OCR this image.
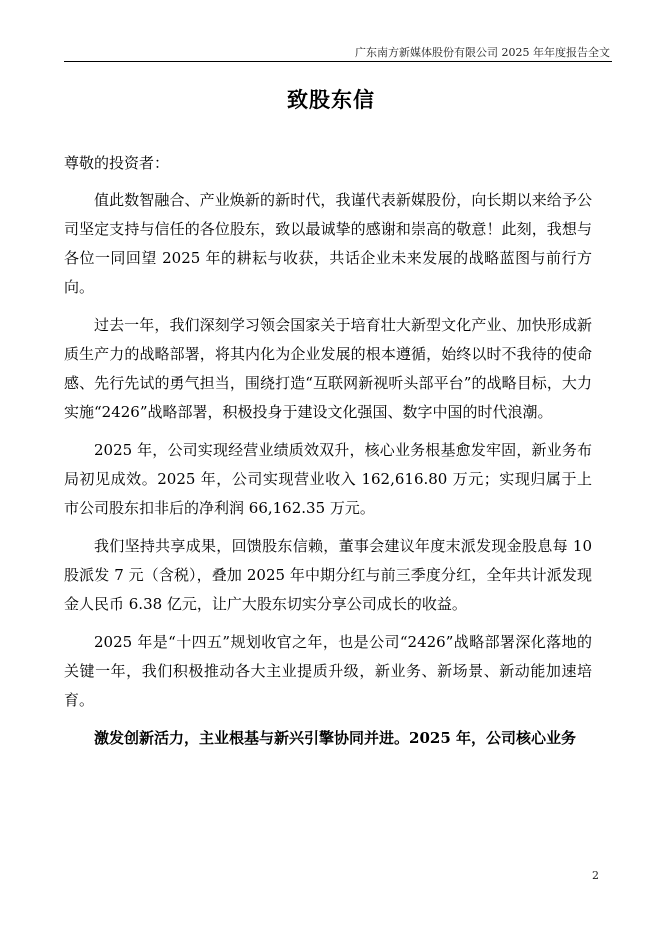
广东南方新媒体股份有限公司 2025 年年度报告全文
致股东信

尊敬的投资者：

值此数智融合、产业焕新的新时代，我谨代表新媒股份，向长期以来给予公司坚定支持与信任的各位股东，致以最诚挚的感谢和崇高的敬意！此刻，我想与各位一同回望 2025 年的耕耘与收获，共话企业未来发展的战略蓝图与前行方向。

过去一年，我们深刻学习领会国家关于培育壮大新型文化产业、加快形成新质生产力的战略部署，将其内化为企业发展的根本遵循，始终以时不我待的使命感、先行先试的勇气担当，围绕打造“互联网新视听头部平台”的战略目标，大力实施“2426”战略部署，积极投身于建设文化强国、数字中国的时代浪潮。

2025 年，公司实现经营业绩质效双升，核心业务根基愈发牢固，新业务布局初见成效。2025 年，公司实现营业收入 162,616.80 万元；实现归属于上市公司股东扣非后的净利润 66,162.35 万元。

我们坚持共享成果，回馈股东信赖，董事会建议年度末派发现金股息每 10 股派发 7 元（含税），叠加 2025 年中期分红与前三季度分红，全年共计派发现金人民币 6.38 亿元，让广大股东切实分享公司成长的收益。

2025 年是“十四五”规划收官之年，也是公司“2426”战略部署深化落地的关键一年，我们积极推动各大主业提质升级，新业务、新场景、新动能加速培育。

激发创新活力，主业根基与新兴引擎协同并进。2025 年，公司核心业务

2
